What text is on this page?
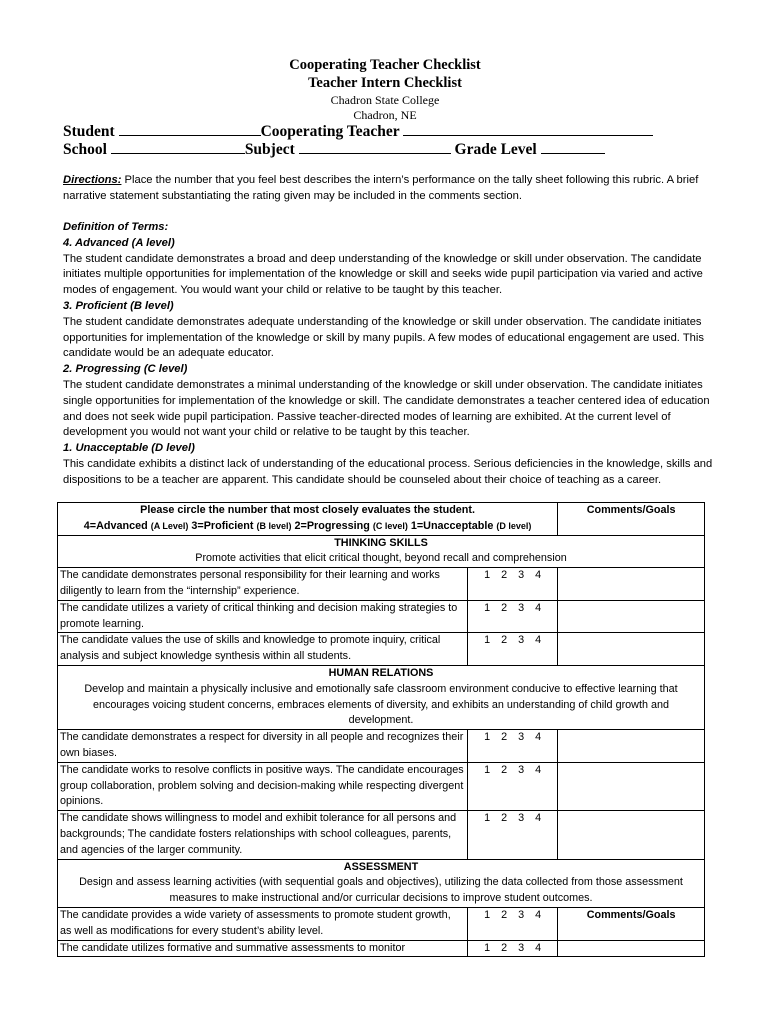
Cooperating Teacher Checklist
Teacher Intern Checklist
Chadron State College
Chadron, NE
Student	Cooperating Teacher
School	Subject	Grade Level
Directions: Place the number that you feel best describes the intern’s performance on the tally sheet following this rubric. A brief narrative statement substantiating the rating given may be included in the comments section.
Definition of Terms:
4. Advanced (A level)
The student candidate demonstrates a broad and deep understanding of the knowledge or skill under observation. The candidate initiates multiple opportunities for implementation of the knowledge or skill and seeks wide pupil participation via varied and active modes of engagement. You would want your child or relative to be taught by this teacher.
3. Proficient (B level)
The student candidate demonstrates adequate understanding of the knowledge or skill under observation. The candidate initiates opportunities for implementation of the knowledge or skill by many pupils. A few modes of educational engagement are used. This candidate would be an adequate educator.
2. Progressing (C level)
The student candidate demonstrates a minimal understanding of the knowledge or skill under observation. The candidate initiates single opportunities for implementation of the knowledge or skill. The candidate demonstrates a teacher centered idea of education and does not seek wide pupil participation. Passive teacher-directed modes of learning are exhibited. At the current level of development you would not want your child or relative to be taught by this teacher.
1. Unacceptable (D level)
This candidate exhibits a distinct lack of understanding of the educational process. Serious deficiencies in the knowledge, skills and dispositions to be a teacher are apparent. This candidate should be counseled about their choice of teaching as a career.
Please circle the number that most closely evaluates the student.
4=Advanced (A Level) 3=Proficient (B level) 2=Progressing (C level) 1=Unacceptable (D level)		Comments/Goals

THINKING SKILLS
Promote activities that elicit critical thought, beyond recall and comprehension		

The candidate demonstrates personal responsibility for their learning and works diligently to learn from the “internship” experience.	1 2 3 4	
The candidate utilizes a variety of critical thinking and decision making strategies to promote learning.	1 2 3 4	
The candidate values the use of skills and knowledge to promote inquiry, critical analysis and subject knowledge synthesis within all students.	1 2 3 4	

HUMAN RELATIONS
Develop and maintain a physically inclusive and emotionally safe classroom environment conducive to effective learning that encourages voicing student concerns, embraces elements of diversity, and exhibits an understanding of child growth and development.		

The candidate demonstrates a respect for diversity in all people and recognizes their own biases.	1 2 3 4	
The candidate works to resolve conflicts in positive ways. The candidate encourages group collaboration, problem solving and decision-making while respecting divergent opinions.	1 2 3 4	
The candidate shows willingness to model and exhibit tolerance for all persons and backgrounds; The candidate fosters relationships with school colleagues, parents, and agencies of the larger community.	1 2 3 4	

ASSESSMENT
Design and assess learning activities (with sequential goals and objectives), utilizing the data collected from those assessment measures to make instructional and/or curricular decisions to improve student outcomes.		

The candidate provides a wide variety of assessments to promote student growth, as well as modifications for every student’s ability level.	1 2 3 4	Comments/Goals
The candidate utilizes formative and summative assessments to monitor	1 2 3 4	
